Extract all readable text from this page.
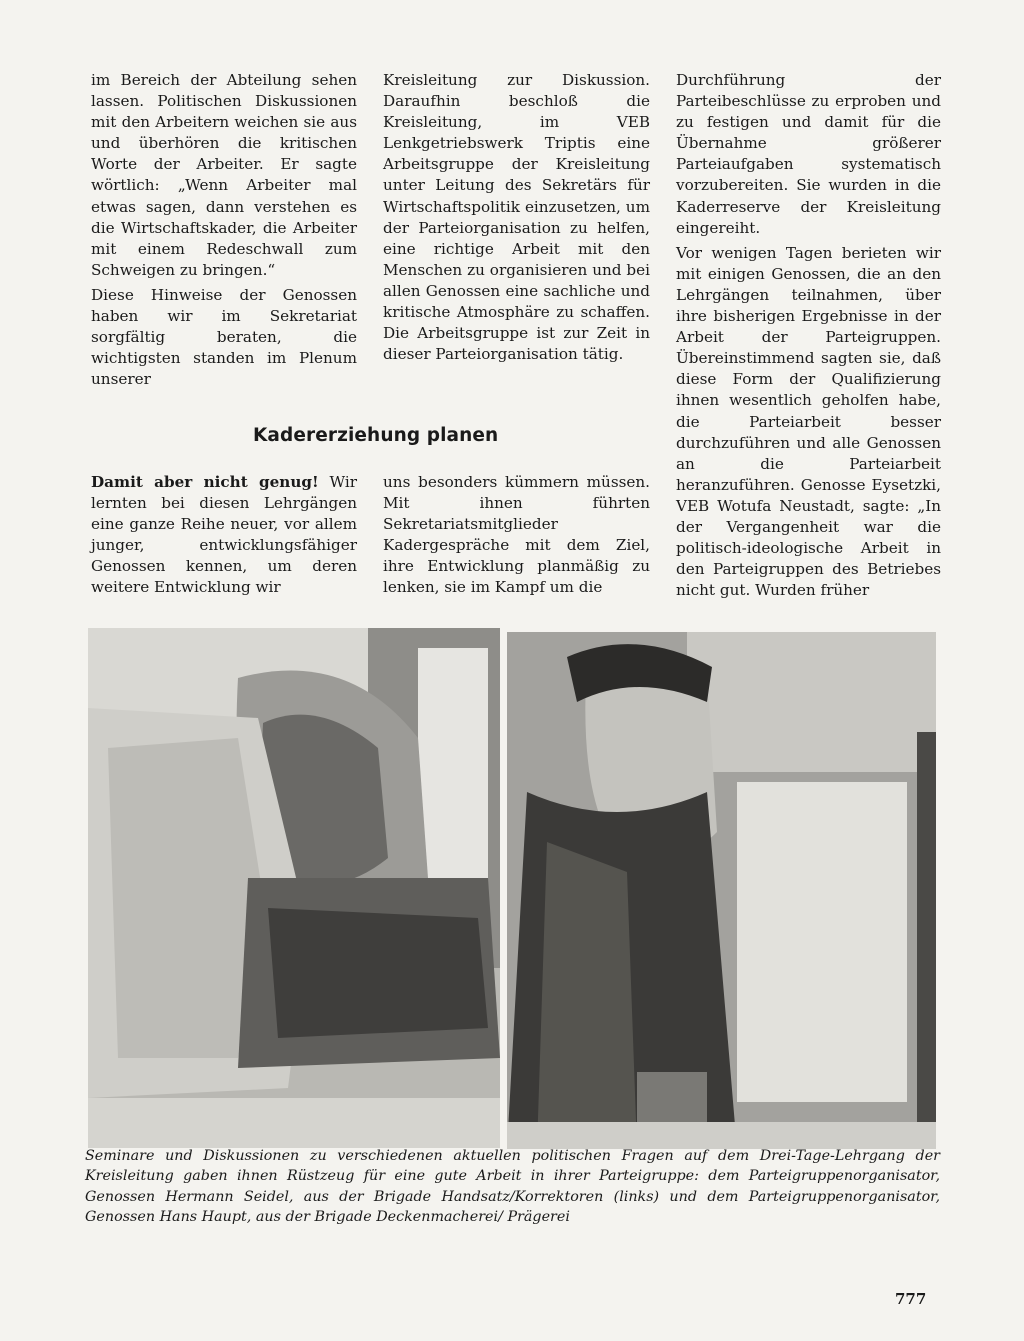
im Bereich der Abteilung sehen lassen. Politischen Diskussionen mit den Arbeitern weichen sie aus und überhören die kritischen Worte der Arbeiter. Er sagte wörtlich: „Wenn Arbeiter mal etwas sagen, dann verstehen es die Wirtschaftskader, die Arbeiter mit einem Redeschwall zum Schweigen zu bringen.“

Diese Hinweise der Genossen haben wir im Sekretariat sorgfältig beraten, die wichtigsten standen im Plenum unserer

Kreisleitung zur Diskussion. Daraufhin beschloß die Kreisleitung, im VEB Lenkgetriebswerk Triptis eine Arbeitsgruppe der Kreisleitung unter Leitung des Sekretärs für Wirtschaftspolitik einzusetzen, um der Parteiorganisation zu helfen, eine richtige Arbeit mit den Menschen zu organisieren und bei allen Genossen eine sachliche und kritische Atmosphäre zu schaffen. Die Arbeitsgruppe ist zur Zeit in dieser Parteiorganisation tätig.

Durchführung der Parteibeschlüsse zu erproben und zu festigen und damit für die Übernahme größerer Parteiaufgaben systematisch vorzubereiten. Sie wurden in die Kaderreserve der Kreisleitung eingereiht.

Vor wenigen Tagen berieten wir mit einigen Genossen, die an den Lehrgängen teilnahmen, über ihre bisherigen Ergebnisse in der Arbeit der Parteigruppen. Übereinstimmend sagten sie, daß diese Form der Qualifizierung ihnen wesentlich geholfen habe, die Parteiarbeit besser durchzuführen und alle Genossen an die Parteiarbeit heranzuführen. Genosse Eysetzki, VEB Wotufa Neustadt, sagte: „In der Vergangenheit war die politisch-ideologische Arbeit in den Parteigruppen des Betriebes nicht gut. Wurden früher

Kadererziehung planen

Damit aber nicht genug! Wir lernten bei diesen Lehrgängen eine ganze Reihe neuer, vor allem junger, entwicklungsfähiger Genossen kennen, um deren weitere Entwicklung wir

uns besonders kümmern müssen. Mit ihnen führten Sekretariatsmitglieder Kadergespräche mit dem Ziel, ihre Entwicklung planmäßig zu lenken, sie im Kampf um die

Seminare und Diskussionen zu verschiedenen aktuellen politischen Fragen auf dem Drei-Tage-Lehrgang der Kreisleitung gaben ihnen Rüstzeug für eine gute Arbeit in ihrer Parteigruppe: dem Parteigruppenorganisator, Genossen Hermann Seidel, aus der Brigade Handsatz/Korrektoren (links) und dem Parteigruppenorganisator, Genossen Hans Haupt, aus der Brigade Deckenmacherei/ Prägerei
777
